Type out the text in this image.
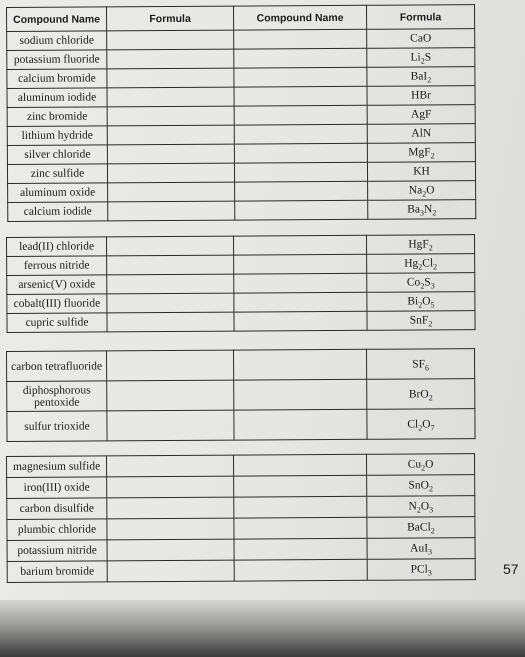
Compound Name	Formula	Compound Name	Formula
sodium chloride			CaO
potassium fluoride			$Li_2S$
calcium bromide			BaI$_2$
aluminum iodide			HBr
zinc bromide			AgF
lithium hydride			AlN
silver chloride			MgF$_2$
zinc sulfide			KH
aluminum oxide			$Na_2O$
calcium iodide			$Ba_3N_2$
lead(II) chloride			HgF$_2$
ferrous nitride			$Hg_2Cl_2$
arsenic(V) oxide			$Co_2S_3$
cobalt(III) fluoride			$Bi_2O_5$
cupric sulfide			SnF$_2$
carbon tetrafluoride			$SF_6$
diphosphorous pentoxide			BrO$_2$
sulfur trioxide			$Cl_2O_7$
magnesium sulfide			$Cu_2O$
iron(III) oxide			SnO$_2$
carbon disulfide			$N_2O_3$
plumbic chloride			BaCl$_2$
potassium nitride			AuI$_3$
barium bromide			PCl$_3$	57
